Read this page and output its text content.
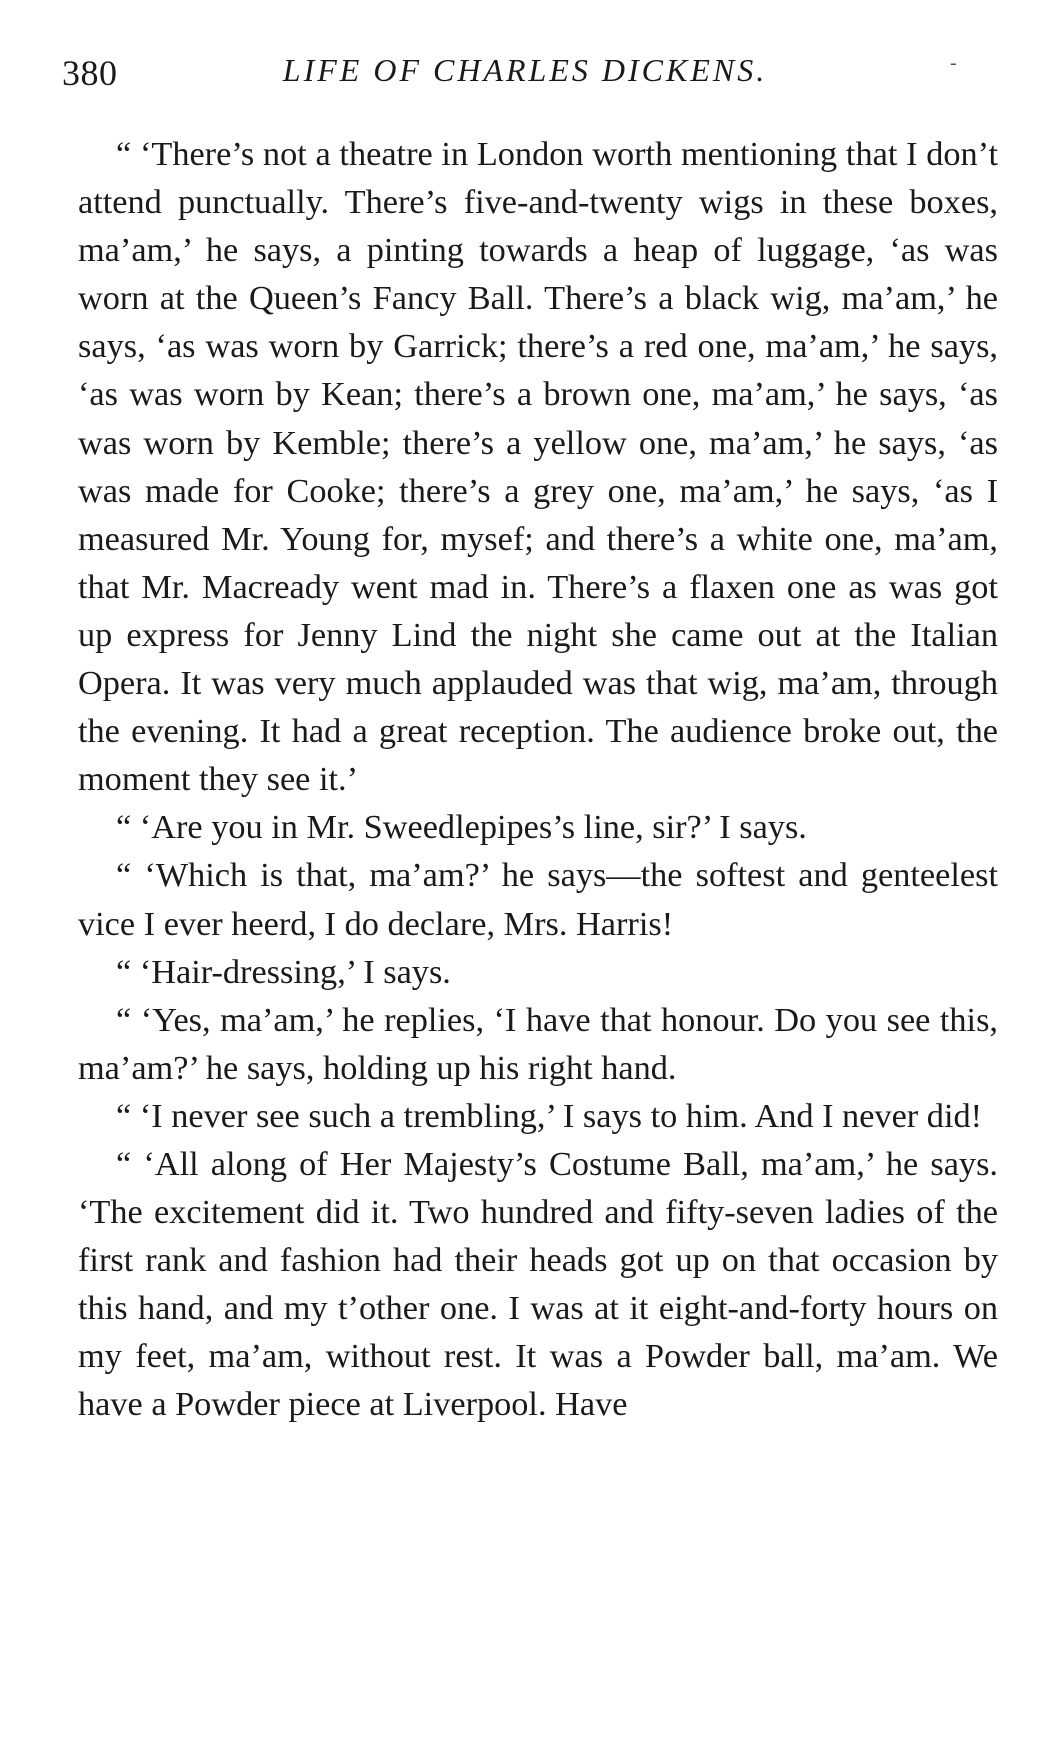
380	LIFE OF CHARLES DICKENS.	-

“ ‘There’s not a theatre in London worth mentioning that I don’t attend punctually. There’s five-and-twenty wigs in these boxes, ma’am,’ he says, a pinting towards a heap of luggage, ‘as was worn at the Queen’s Fancy Ball. There’s a black wig, ma’am,’ he says, ‘as was worn by Garrick; there’s a red one, ma’am,’ he says, ‘as was worn by Kean; there’s a brown one, ma’am,’ he says, ‘as was worn by Kemble; there’s a yellow one, ma’am,’ he says, ‘as was made for Cooke; there’s a grey one, ma’am,’ he says, ‘as I measured Mr. Young for, mysef; and there’s a white one, ma’am, that Mr. Macready went mad in. There’s a flaxen one as was got up express for Jenny Lind the night she came out at the Italian Opera. It was very much applauded was that wig, ma’am, through the evening. It had a great reception. The audience broke out, the moment they see it.’

“ ‘Are you in Mr. Sweedlepipes’s line, sir?’ I says.

“ ‘Which is that, ma’am?’ he says—the softest and genteelest vice I ever heerd, I do declare, Mrs. Harris!

“ ‘Hair-dressing,’ I says.

“ ‘Yes, ma’am,’ he replies, ‘I have that honour. Do you see this, ma’am?’ he says, holding up his right hand.

“ ‘I never see such a trembling,’ I says to him. And I never did!

“ ‘All along of Her Majesty’s Costume Ball, ma’am,’ he says. ‘The excitement did it. Two hundred and fifty-seven ladies of the first rank and fashion had their heads got up on that occasion by this hand, and my t’other one. I was at it eight-and-forty hours on my feet, ma’am, without rest. It was a Powder ball, ma’am. We have a Powder piece at Liverpool. Have
